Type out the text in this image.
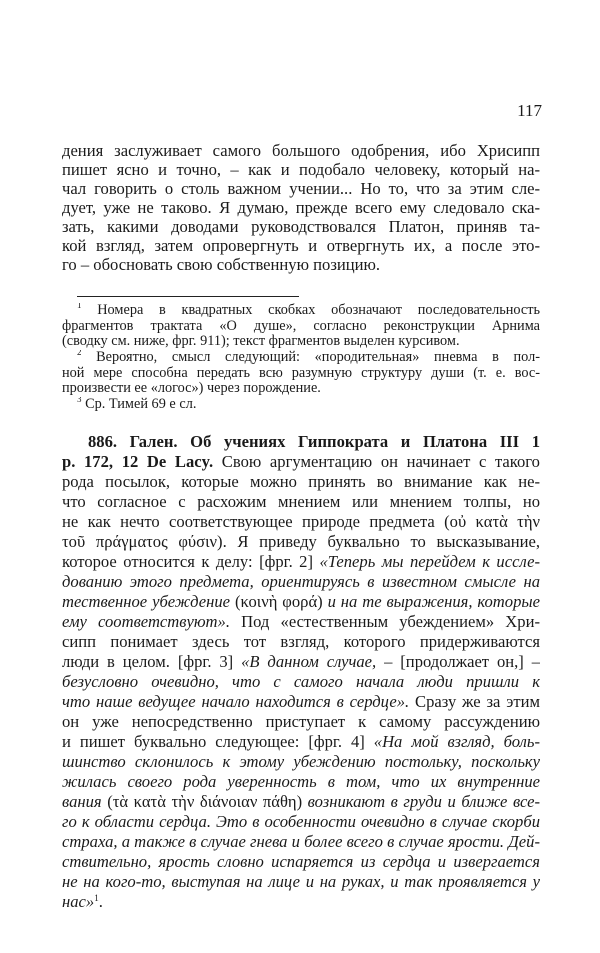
117
дения заслуживает самого большого одобрения, ибо Хрисипп
пишет ясно и точно, – как и подобало человеку, который на-
чал говорить о столь важном учении... Но то, что за этим сле-
дует, уже не таково. Я думаю, прежде всего ему следовало ска-
зать, какими доводами руководствовался Платон, приняв та-
кой взгляд, затем опровергнуть и отвергнуть их, а после это-
го – обосновать свою собственную позицию.
$^1$ Номера в квадратных скобках обозначают последовательность
фрагментов трактата «О душе», согласно реконструкции Арнима
(сводку см. ниже, фрг. 911); текст фрагментов выделен курсивом.
$^2$ Вероятно, смысл следующий: «породительная» пневма в пол-
ной мере способна передать всю разумную структуру души (т. е. вос-
произвести ее «логос») через порождение.
$^3$ Ср. Тимей 69 е сл.
886. Гален. Об учениях Гиппократа и Платона III 1
p. 172, 12 De Lacy. Свою аргументацию он начинает с такого
рода посылок, которые можно принять во внимание как не-
что согласное с расхожим мнением или мнением толпы, но
не как нечто соответствующее природе предмета (οὐ κατὰ τὴν
τοῦ πράγματος φύσιν). Я приведу буквально то высказывание,
которое относится к делу: [фрг. 2] «Теперь мы перейдем к иссле-
дованию этого предмета, ориентируясь в известном смысле на
тественное убеждение (κοινὴ φορά) и на те выражения, которые
ему соответствуют». Под «естественным убеждением» Хри-
сипп понимает здесь тот взгляд, которого придерживаются
люди в целом. [фрг. 3] «В данном случае, – [продолжает он,] –
безусловно очевидно, что с самого начала люди пришли к
что наше ведущее начало находится в сердце». Сразу же за этим
он уже непосредственно приступает к самому рассуждению
и пишет буквально следующее: [фрг. 4] «На мой взгляд, боль-
шинство склонилось к этому убеждению постольку, поскольку
жилась своего рода уверенность в том, что их внутренние
вания (τὰ κατὰ τὴν διάνοιαν πάθη) возникают в груди и ближе все-
го к области сердца. Это в особенности очевидно в случае скорби
страха, а также в случае гнева и более всего в случае ярости. Дей-
ствительно, ярость словно испаряется из сердца и извергается
не на кого-то, выступая на лице и на руках, и так проявляется у
нас»$^1$.
